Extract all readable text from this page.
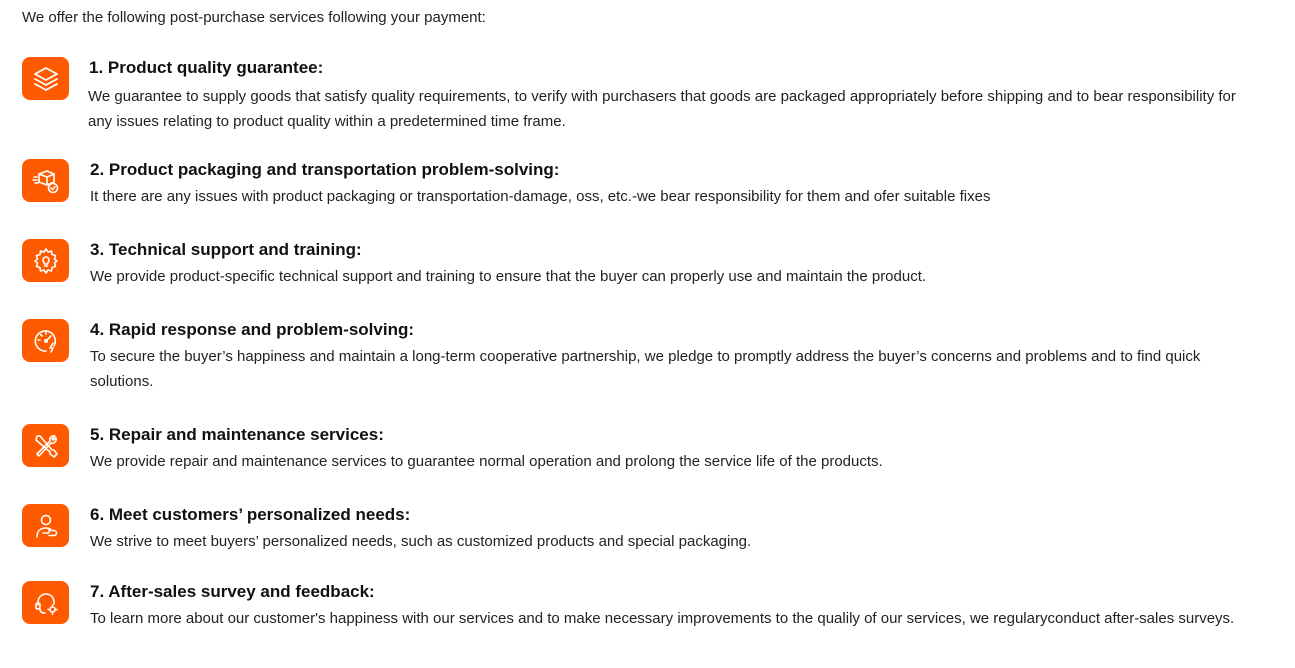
We offer the following post-purchase services following your payment:
1. Product quality guarantee:
We guarantee to supply goods that satisfy quality requirements, to verify with purchasers that goods are packaged appropriately before shipping and to bear responsibility for any issues relating to product quality within a predetermined time frame.
2. Product packaging and transportation problem-solving:
It there are any issues with product packaging or transportation-damage, oss, etc.-we bear responsibility for them and ofer suitable fixes
3. Technical support and training:
We provide product-specific technical support and training to ensure that the buyer can properly use and maintain the product.
4. Rapid response and problem-solving:
To secure the buyer’s happiness and maintain a long-term cooperative partnership, we pledge to promptly address the buyer’s concerns and problems and to find quick solutions.
5. Repair and maintenance services:
We provide repair and maintenance services to guarantee normal operation and prolong the service life of the products.
6. Meet customers’ personalized needs:
We strive to meet buyers’ personalized needs, such as customized products and special packaging.
7. After-sales survey and feedback:
To learn more about our customer's happiness with our services and to make necessary improvements to the qualily of our services, we regularyconduct after-sales surveys.
